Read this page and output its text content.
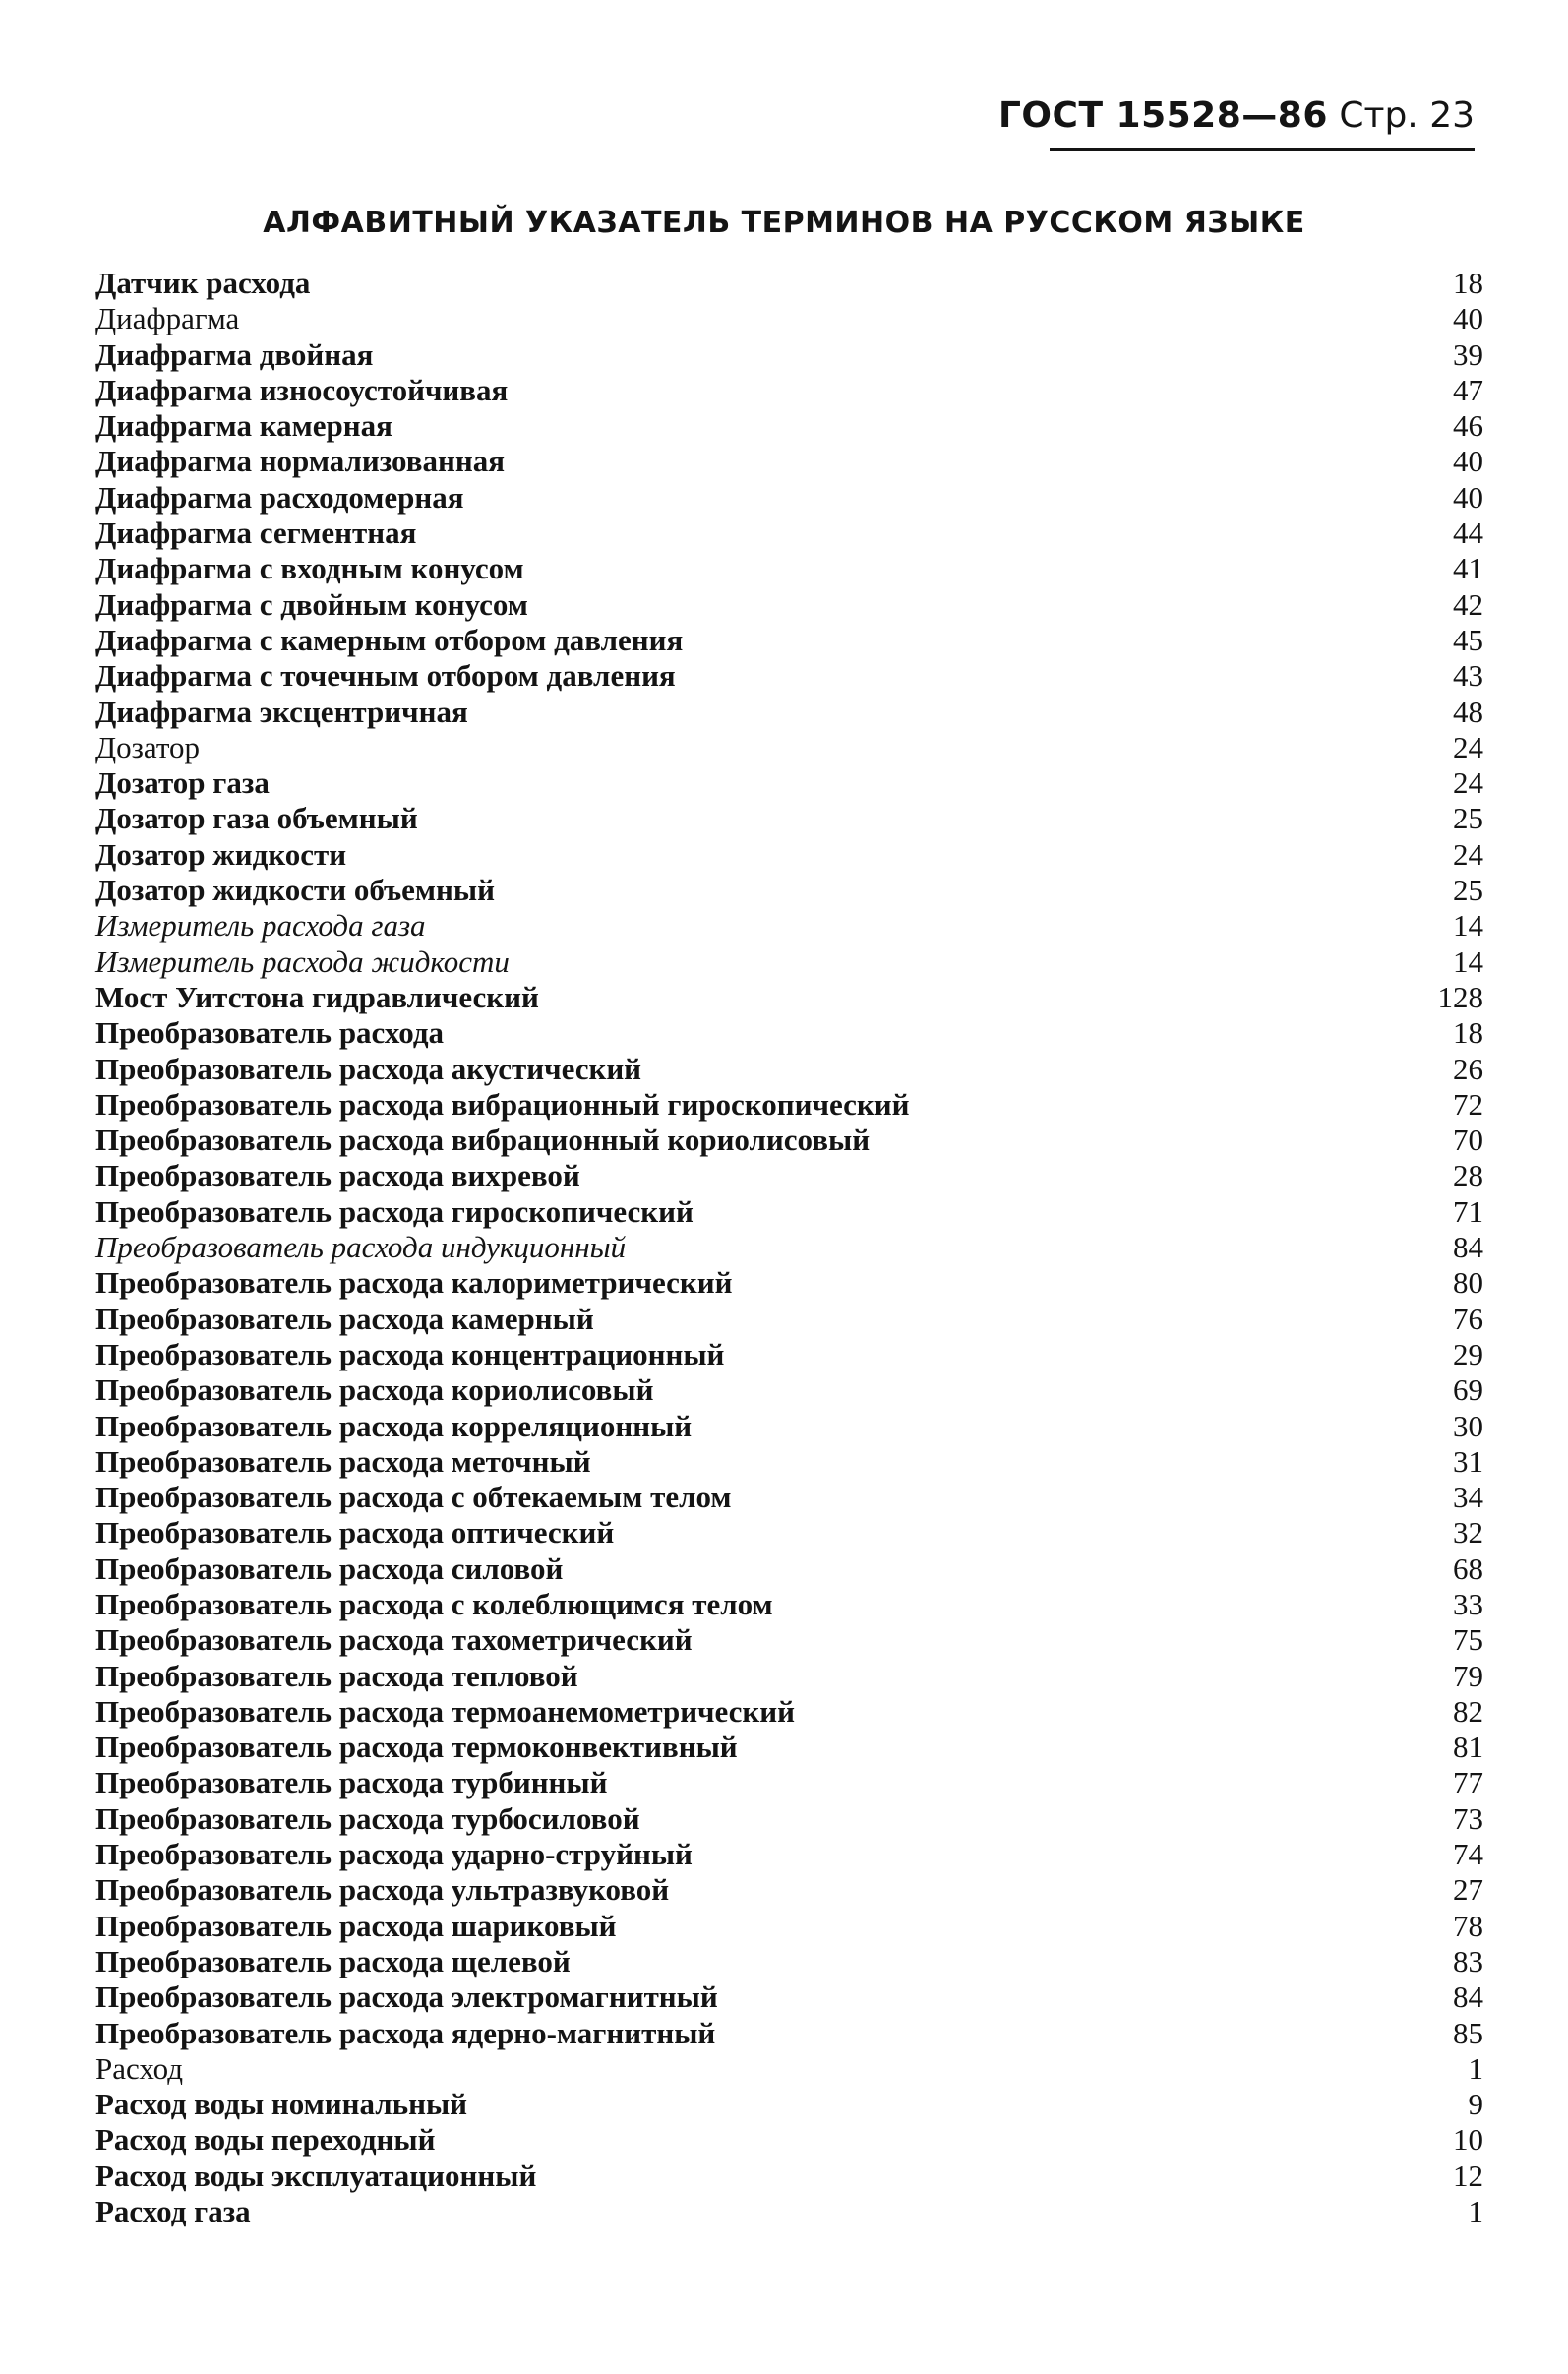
ГОСТ 15528—86 Стр. 23
АЛФАВИТНЫЙ УКАЗАТЕЛЬ ТЕРМИНОВ НА РУССКОМ ЯЗЫКЕ
Датчик расхода	18
Диафрагма	40
Диафрагма двойная	39
Диафрагма износоустойчивая	47
Диафрагма камерная	46
Диафрагма нормализованная	40
Диафрагма расходомерная	40
Диафрагма сегментная	44
Диафрагма с входным конусом	41
Диафрагма с двойным конусом	42
Диафрагма с камерным отбором давления	45
Диафрагма с точечным отбором давления	43
Диафрагма эксцентричная	48
Дозатор	24
Дозатор газа	24
Дозатор газа объемный	25
Дозатор жидкости	24
Дозатор жидкости объемный	25
Измеритель расхода газа	14
Измеритель расхода жидкости	14
Мост Уитстона гидравлический	128
Преобразователь расхода	18
Преобразователь расхода акустический	26
Преобразователь расхода вибрационный гироскопический	72
Преобразователь расхода вибрационный кориолисовый	70
Преобразователь расхода вихревой	28
Преобразователь расхода гироскопический	71
Преобразователь расхода индукционный	84
Преобразователь расхода калориметрический	80
Преобразователь расхода камерный	76
Преобразователь расхода концентрационный	29
Преобразователь расхода кориолисовый	69
Преобразователь расхода корреляционный	30
Преобразователь расхода меточный	31
Преобразователь расхода с обтекаемым телом	34
Преобразователь расхода оптический	32
Преобразователь расхода силовой	68
Преобразователь расхода с колеблющимся телом	33
Преобразователь расхода тахометрический	75
Преобразователь расхода тепловой	79
Преобразователь расхода термоанемометрический	82
Преобразователь расхода термоконвективный	81
Преобразователь расхода турбинный	77
Преобразователь расхода турбосиловой	73
Преобразователь расхода ударно-струйный	74
Преобразователь расхода ультразвуковой	27
Преобразователь расхода шариковый	78
Преобразователь расхода щелевой	83
Преобразователь расхода электромагнитный	84
Преобразователь расхода ядерно-магнитный	85
Расход	1
Расход воды номинальный	9
Расход воды переходный	10
Расход воды эксплуатационный	12
Расход газа	1
